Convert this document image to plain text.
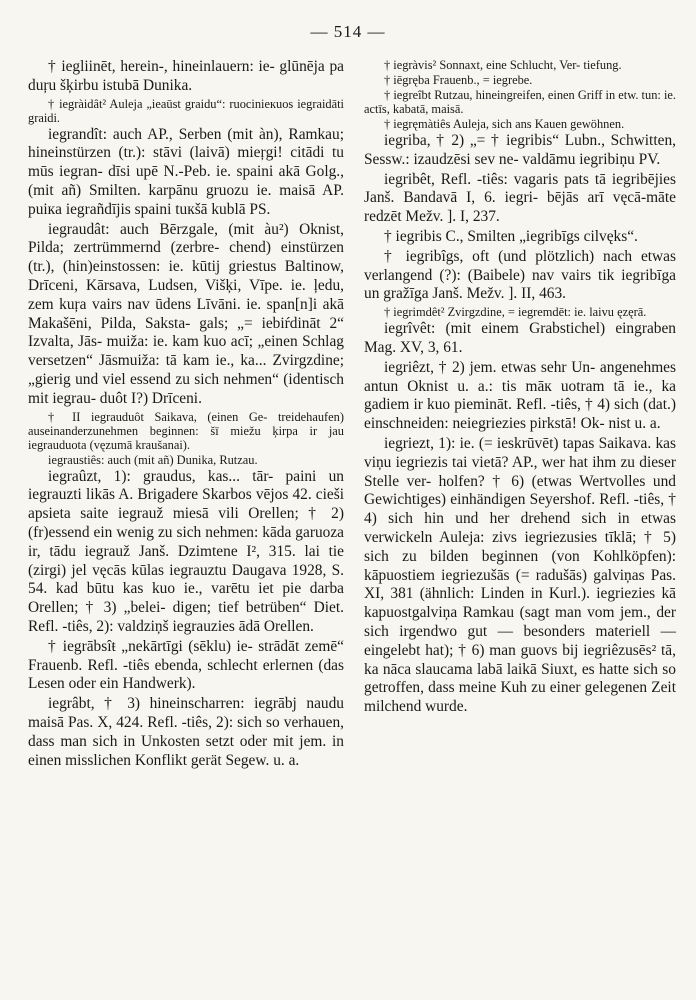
— 514 —

† iegliinēt, herein-, hineinlauern: ie- glūnēja pa duŗu šķirbu istubā Dunika.

† iegràidât² Auleja „ieaūst graidu“: ruocinieкuos iegraidāti graidi.

iegrandît: auch AP., Serben (mit àn), Ramkau; hineinstürzen (tr.): stāvi (laivā) mieŗgi! citādi tu mūs iegran- dīsi upē N.-Peb. ie. spaini akā Golg., (mit añ) Smilten. karpānu gruozu ie. maisā AP. puiкa iegrañdījis spaini tuкšā kublā PS.

iegraudât: auch Bērzgale, (mit àu²) Oknist, Pilda; zertrümmernd (zerbre- chend) einstürzen (tr.), (hin)einstossen: ie. kūtij griestus Baltinow, Drīceni, Kārsava, Ludsen, Višķi, Vīpe. ie. ļedu, zem kuŗa vairs nav ūdens Līvāni. ie. span[n]i akā Makašēni, Pilda, Saksta- gals; „= iebiŕdināt 2“ Izvalta, Jās- muiža: ie. kam kuo acī; „einen Schlag versetzen“ Jāsmuiža: tā kam ie., ka... Zvirgzdine; „gierig und viel essend zu sich nehmen“ (identisch mit iegrau- duôt I?) Drīceni.

† II iegrauduôt Saikava, (einen Ge- treidehaufen) auseinanderzunehmen beginnen: šī miežu ķirpa ir jau iegrauduota (vęzumā kraušanai).

iegraustiês: auch (mit añ) Dunika, Rutzau.

iegraûzt, 1): graudus, kas... tār- paini un iegrauzti likās A. Brigadere Skarbos vējos 42. cieši apsieta saite iegrauž miesā vili Orellen; † 2) (fr)essend ein wenig zu sich nehmen: kāda garuoza ir, tādu iegrauž Janš. Dzimtene I², 315. lai tie (zirgi) jel vęcās kūlas iegrauztu Daugava 1928, S. 54. kad būtu kas kuo ie., varētu iet pie darba Orellen; † 3) „belei- digen; tief betrüben“ Diet. Refl. -tiês, 2): valdziņš iegrauzies ādā Orellen.

† iegrābsîŧ „nekārtīgi (sēklu) ie- strādāt zemē“ Frauenb. Refl. -tiês ebenda, schlecht erlernen (das Lesen oder ein Handwerk).

iegrâbt, † 3) hineinscharren: iegrābj naudu maisā Pas. X, 424. Refl. -tiês, 2): sich so verhauen, dass man sich in Unkosten setzt oder mit jem. in einen misslichen Konflikt gerät Segew. u. a.

† iegràvis² Sonnaxt, eine Schlucht, Ver- tiefung.

† iēgręba Frauenb., = iegrebe.

† iegreîbt Rutzau, hineingreifen, einen Griff in etw. tun: ie. actīs, kabatā, maisā.

† iegręmàtiês Auleja, sich ans Kauen gewöhnen.

iegriba, † 2) „= † iegribis“ Lubn., Schwitten, Sessw.: izaudzēsi sev ne- valdāmu iegribiņu PV.

iegribêt, Refl. -tiês: vagaris pats tā iegribējies Janš. Bandavā I, 6. iegri- bējās arī vęcā-māte redzēt Mežv. ]. I, 237.

† iegribis C., Smilten „iegribīgs cilvęks“.

† iegribîgs, oft (und plötzlich) nach etwas verlangend (?): (Baibele) nav vairs tik iegribīga un gražīga Janš. Mežv. ]. II, 463.

† iegrimdêt² Zvirgzdine, = iegremdēt: ie. laivu ęzęrā.

iegrîvêt: (mit einem Grabstichel) eingraben Mag. XV, 3, 61.

iegriêzt, † 2) jem. etwas sehr Un- angenehmes antun Oknist u. a.: tis māк uotram tā ie., ka gadiem ir kuo piemināt. Refl. -tiês, † 4) sich (dat.) einschneiden: neiegriezies pirkstā! Ok- nist u. a.

iegriezt, 1): ie. (= ieskrūvēt) tapas Saikava. kas viņu iegriezis tai vietā? AP., wer hat ihm zu dieser Stelle ver- holfen? † 6) (etwas Wertvolles und Gewichtiges) einhändigen Seyershof. Refl. -tiês, † 4) sich hin und her drehend sich in etwas verwickeln Auleja: zivs iegriezusies tīklā; † 5) sich zu bilden beginnen (von Kohlköpfen): kāpuostiem iegriezušās (= radušās) galviņas Pas. XI, 381 (ähnlich: Linden in Kurl.). iegriezies kā kapuostgalviņa Ramkau (sagt man vom jem., der sich irgendwo gut — besonders materiell — eingelebt hat); † 6) man guovs bij iegriêzusēs² tā, ka nāca slaucama labā laikā Siuxt, es hatte sich so getroffen, dass meine Kuh zu einer gelegenen Zeit milchend wurde.
